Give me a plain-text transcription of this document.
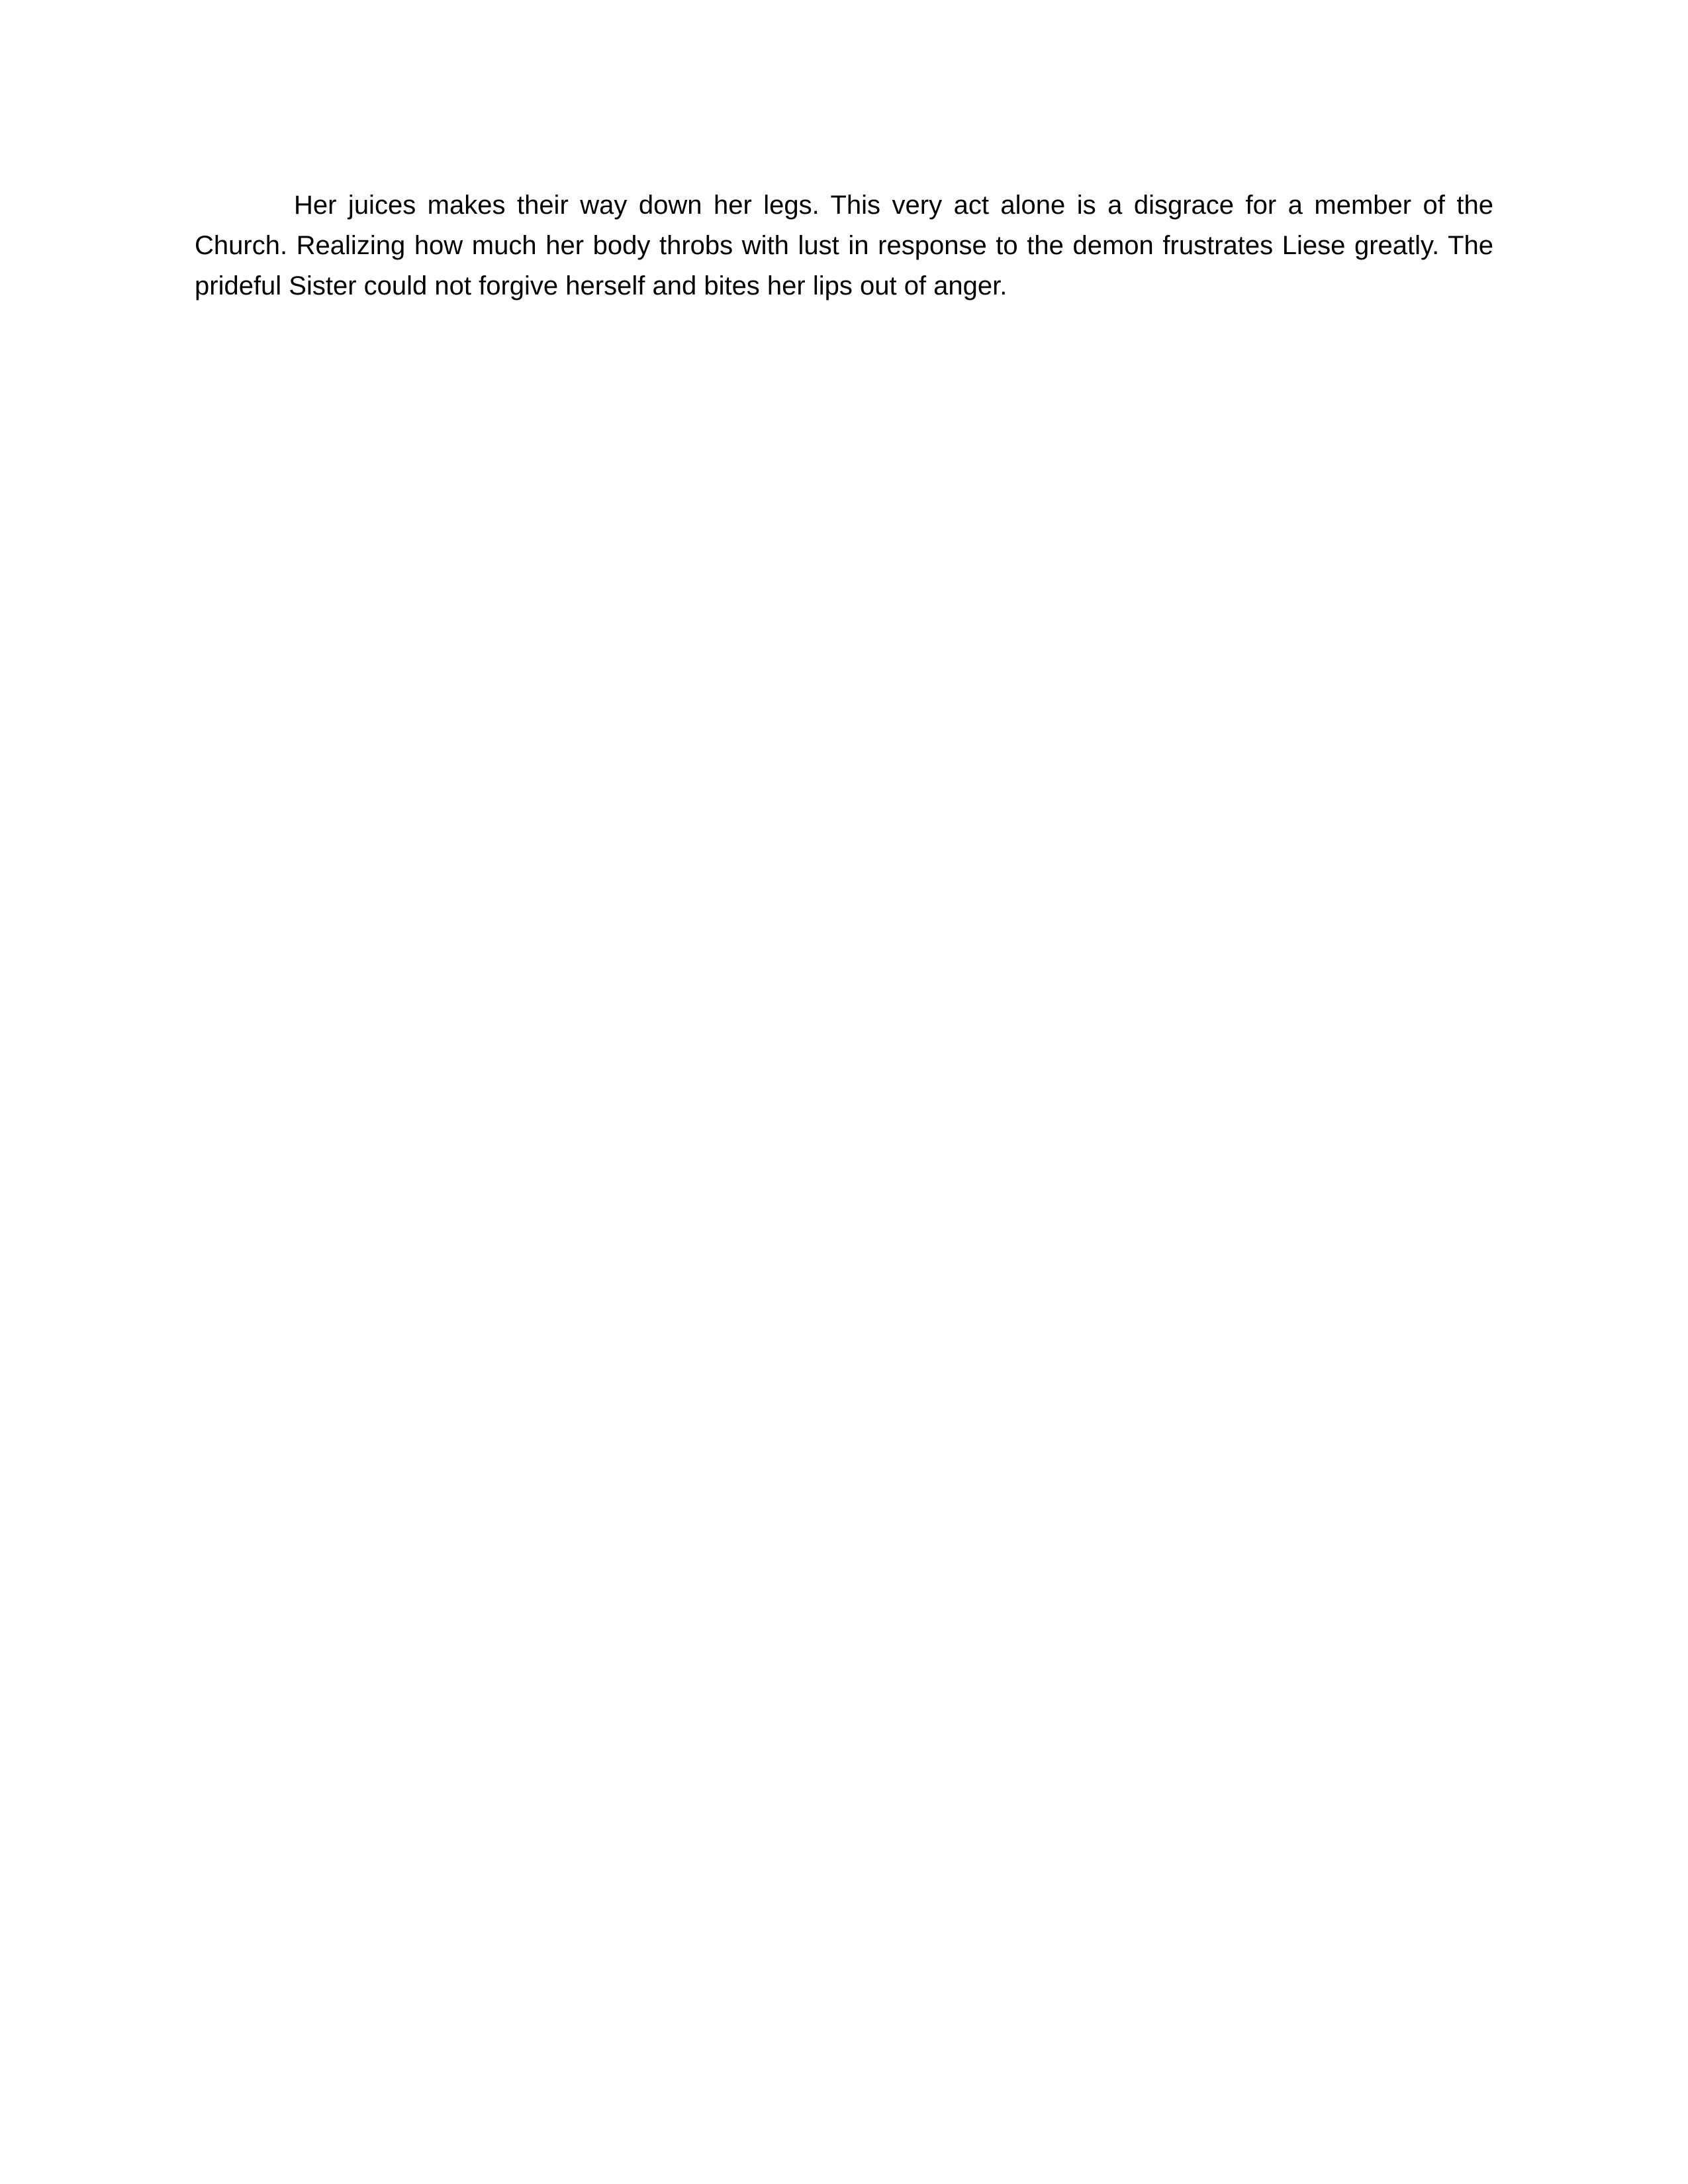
Her juices makes their way down her legs. This very act alone is a disgrace for a member of the Church. Realizing how much her body throbs with lust in response to the demon frustrates Liese greatly. The prideful Sister could not forgive herself and bites her lips out of anger.
